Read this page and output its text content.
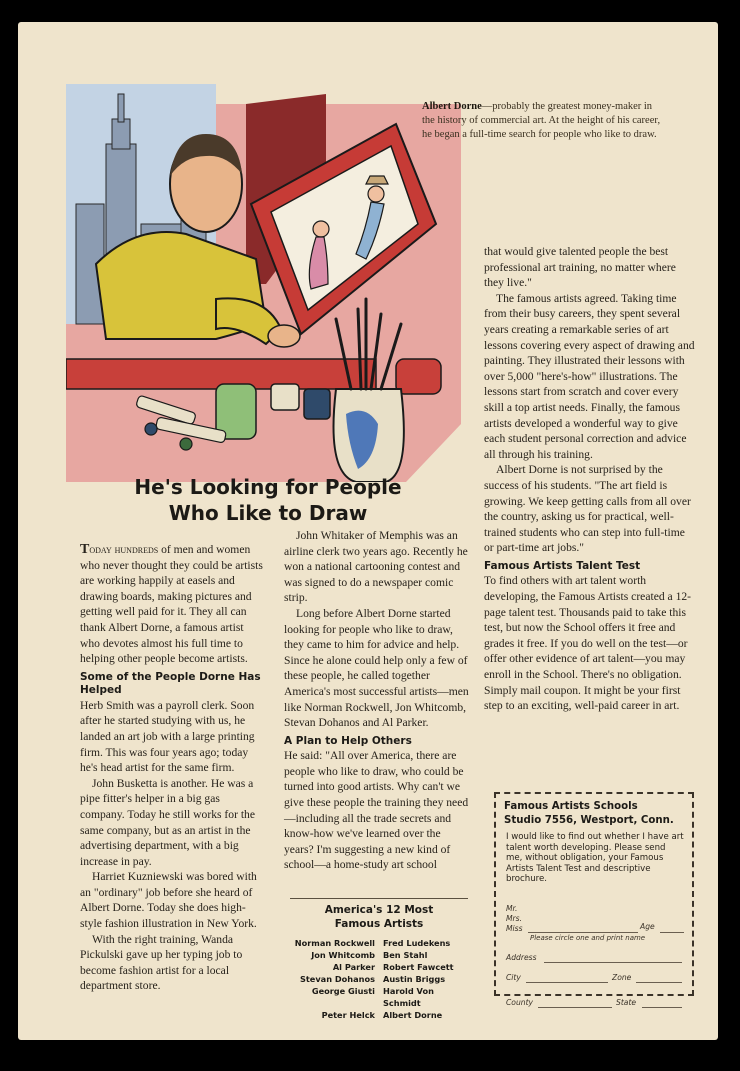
Albert Dorne—probably the greatest money-maker in the history of commercial art. At the height of his career, he began a full-time search for people who like to draw.
He's Looking for People
Who Like to Draw

Today hundreds of men and women who never thought they could be artists are working happily at easels and drawing boards, making pictures and getting well paid for it. They all can thank Albert Dorne, a famous artist who devotes almost his full time to helping other people become artists.

Some of the People Dorne Has Helped

Herb Smith was a payroll clerk. Soon after he started studying with us, he landed an art job with a large printing firm. This was four years ago; today he's head artist for the same firm.

John Busketta is another. He was a pipe fitter's helper in a big gas company. Today he still works for the same company, but as an artist in the advertising department, with a big increase in pay.

Harriet Kuzniewski was bored with an "ordinary" job before she heard of Albert Dorne. Today she does high-style fashion illustration in New York.

With the right training, Wanda Pickulski gave up her typing job to become fashion artist for a local department store.

John Whitaker of Memphis was an airline clerk two years ago. Recently he won a national cartooning contest and was signed to do a newspaper comic strip.

Long before Albert Dorne started looking for people who like to draw, they came to him for advice and help. Since he alone could help only a few of these people, he called together America's most successful artists—men like Norman Rockwell, Jon Whitcomb, Stevan Dohanos and Al Parker.

A Plan to Help Others

He said: "All over America, there are people who like to draw, who could be turned into good artists. Why can't we give these people the training they need—including all the trade secrets and know-how we've learned over the years? I'm suggesting a new kind of school—a home-study art school

America's 12 Most
Famous Artists
Norman Rockwell Fred Ludekens
Jon Whitcomb Ben Stahl
Al Parker Robert Fawcett
Stevan Dohanos Austin Briggs
George Giusti Harold Von Schmidt
Peter Helck Albert Dorne

that would give talented people the best professional art training, no matter where they live."

The famous artists agreed. Taking time from their busy careers, they spent several years creating a remarkable series of art lessons covering every aspect of drawing and painting. They illustrated their lessons with over 5,000 "here's-how" illustrations. The lessons start from scratch and cover every skill a top artist needs. Finally, the famous artists developed a wonderful way to give each student personal correction and advice all through his training.

Albert Dorne is not surprised by the success of his students. "The art field is growing. We keep getting calls from all over the country, asking us for practical, well-trained students who can step into full-time or part-time art jobs."

Famous Artists Talent Test

To find others with art talent worth developing, the Famous Artists created a 12-page talent test. Thousands paid to take this test, but now the School offers it free and grades it free. If you do well on the test—or offer other evidence of art talent—you may enroll in the School. There's no obligation. Simply mail coupon. It might be your first step to an exciting, well-paid career in art.

Famous Artists Schools
Studio 7556, Westport, Conn.
I would like to find out whether I have art talent worth developing. Please send me, without obligation, your Famous Artists Talent Test and descriptive brochure.
Mr.
Mrs.
Miss	Age
Please circle one and print name
Address
City	Zone
County	State
